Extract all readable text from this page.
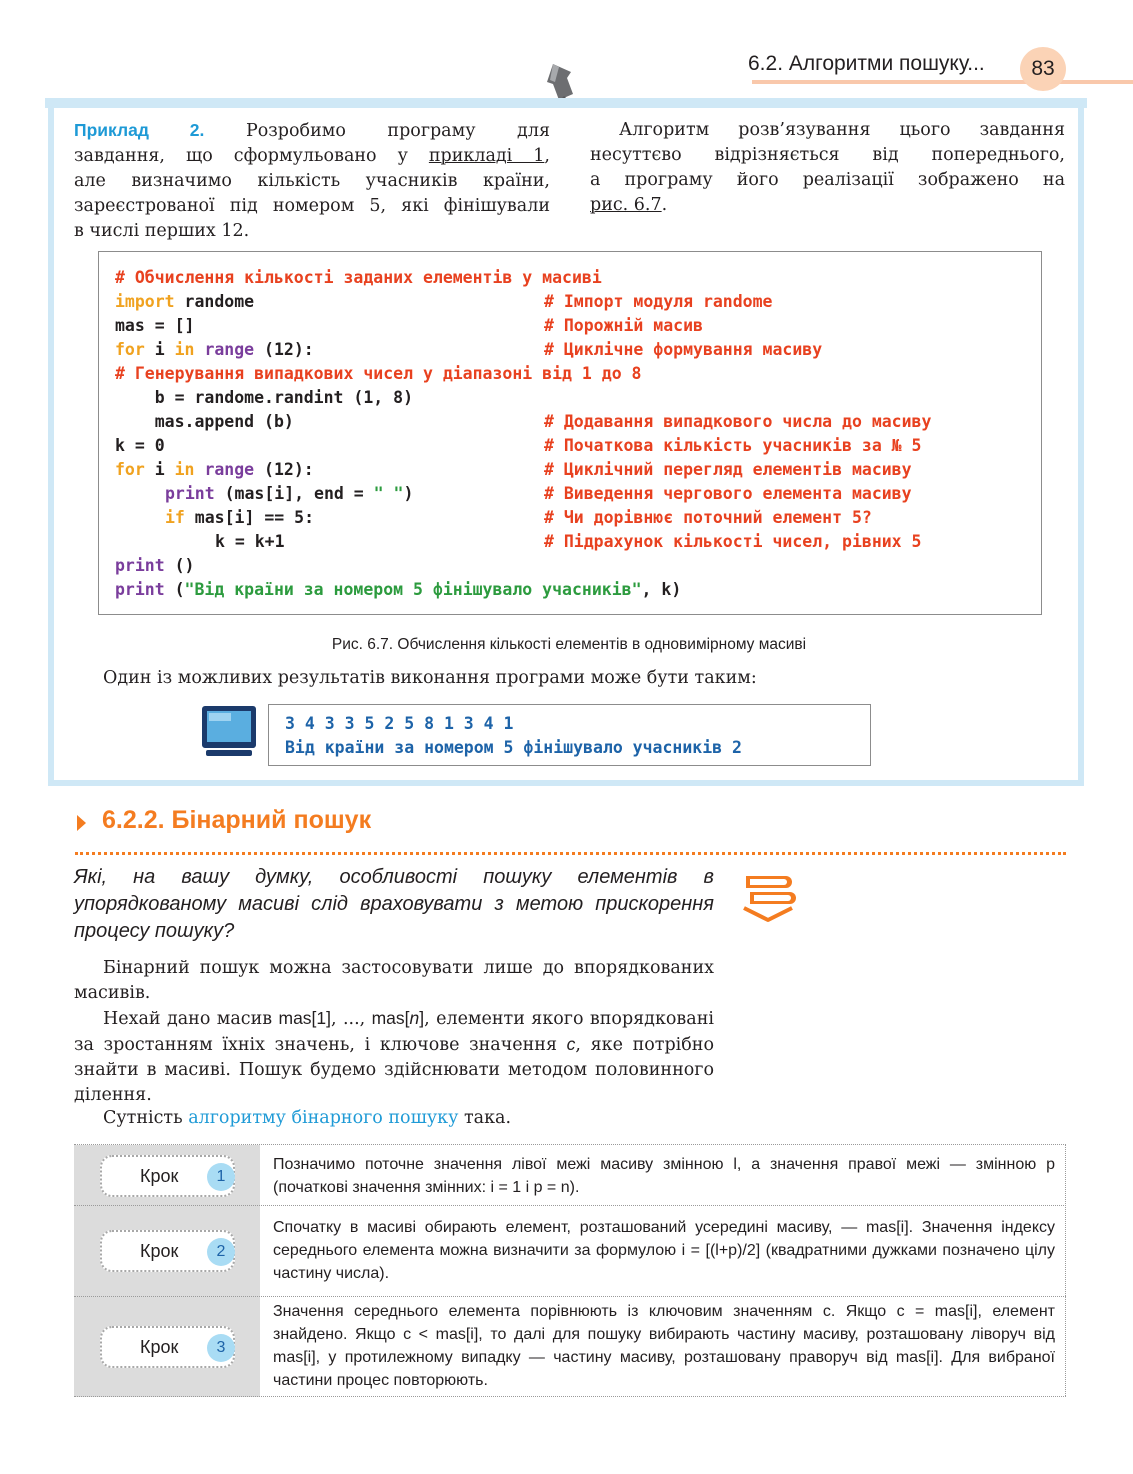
6.2. Алгоритми пошуку...	83
Приклад 2. Розробимо програму для
завдання, що сформульовано у прикладі 1,
але визначимо кількість учасників країни,
зареєстрованої під номером 5, які фінішували
в числі перших 12.
Алгоритм розв’язування цього завдання
несуттєво відрізняється від попереднього,
а програму його реалізації зображено на
рис. 6.7.
# Обчислення кількості заданих елементів у масиві
import randome	# Імпорт модуля randome
mas = []	# Порожній масив
for i in range (12):	# Циклічне формування масиву
# Генерування випадкових чисел у діапазоні від 1 до 8
b = randome.randint (1, 8)
mas.append (b)	# Додавання випадкового числа до масиву
k = 0	# Початкова кількість учасників за № 5
for i in range (12):	# Циклічний перегляд елементів масиву
print (mas[i], end = " ")	# Виведення чергового елемента масиву
if mas[i] == 5:	# Чи дорівнює поточний елемент 5?
k = k+1	# Підрахунок кількості чисел, рівних 5
print ()
print ("Від країни за номером 5 фінішувало учасників", k)
Рис. 6.7. Обчислення кількості елементів в одновимірному масиві
Один із можливих результатів виконання програми може бути таким:
3 4 3 3 5 2 5 8 1 3 4 1
Від країни за номером 5 фінішувало учасників 2
6.2.2. Бінарний пошук
Які, на вашу думку, особливості пошуку елементів в упорядкованому масиві слід враховувати з метою прискорення процесу пошуку?
Бінарний пошук можна застосовувати лише до впорядкованих масивів.
Нехай дано масив mas[1], ..., mas[n], елементи якого впорядковані за зростанням їхніх значень, і ключове значення c, яке потрібно знайти в масиві. Пошук будемо здійснювати методом половинного ділення.
Сутність алгоритму бінарного пошуку така.
Крок	1
Позначимо поточне значення лівої межі масиву змінною l, а значення правої межі — змінною p (початкові значення змінних: і = 1 і p = n).
Крок	2
Спочатку в масиві обирають елемент, розташований усередині масиву, — mas[i]. Значення індексу середнього елемента можна визначити за формулою i = [(l+p)/2] (квадратними дужками позначено цілу частину числа).
Крок	3
Значення середнього елемента порівнюють із ключовим значенням c. Якщо c = mas[i], елемент знайдено. Якщо c < mas[i], то далі для пошуку вибирають частину масиву, розташовану ліворуч від mas[i], у протилежному випадку — частину масиву, розташовану праворуч від mas[i]. Для вибраної частини процес повторюють.
